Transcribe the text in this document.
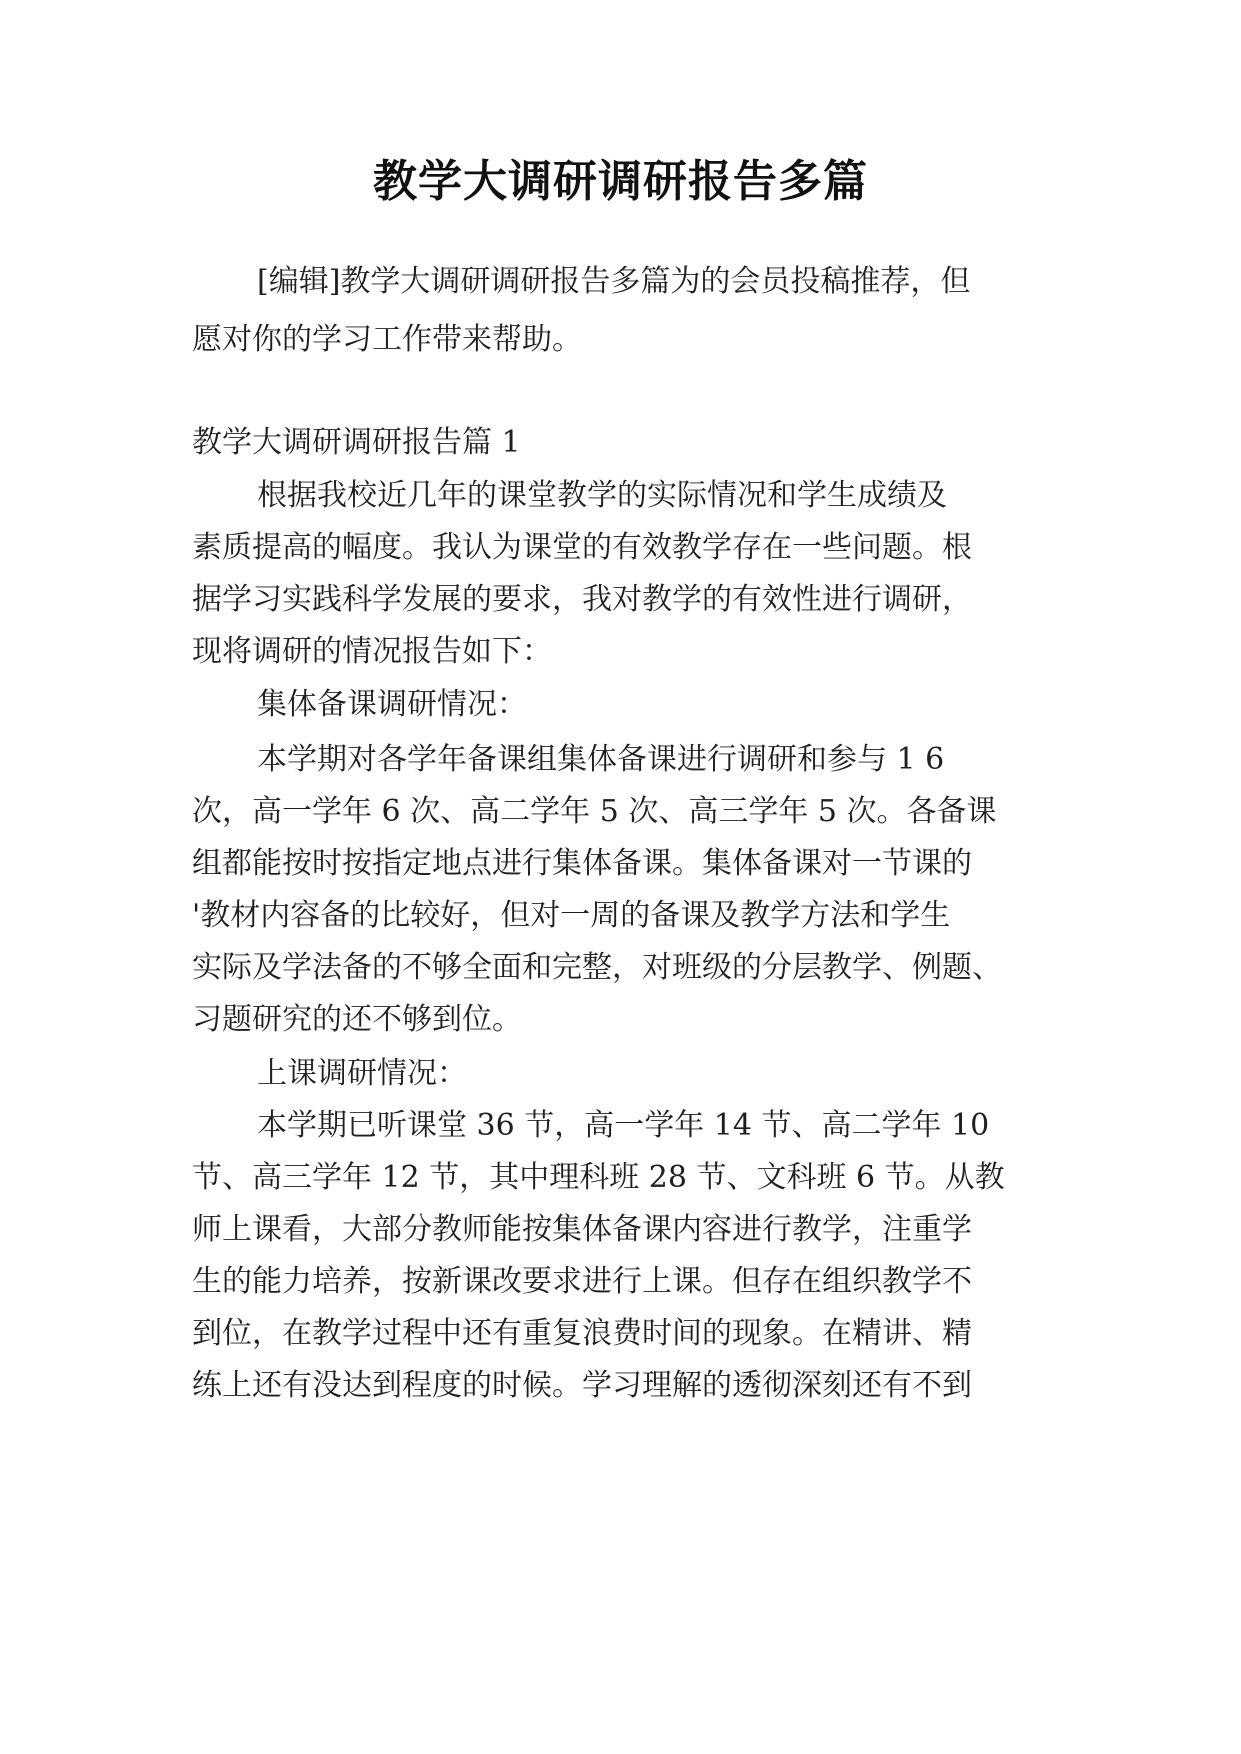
教学大调研调研报告多篇
[编辑]教学大调研调研报告多篇为的会员投稿推荐，但
愿对你的学习工作带来帮助。
教学大调研调研报告篇 1
根据我校近几年的课堂教学的实际情况和学生成绩及
素质提高的幅度。我认为课堂的有效教学存在一些问题。根
据学习实践科学发展的要求，我对教学的有效性进行调研，
现将调研的情况报告如下：
集体备课调研情况：
本学期对各学年备课组集体备课进行调研和参与 1 6
次，高一学年 6 次、高二学年 5 次、高三学年 5 次。各备课
组都能按时按指定地点进行集体备课。集体备课对一节课的
'教材内容备的比较好，但对一周的备课及教学方法和学生
实际及学法备的不够全面和完整，对班级的分层教学、例题、
习题研究的还不够到位。
上课调研情况：
本学期已听课堂 36 节，高一学年 14 节、高二学年 10
节、高三学年 12 节，其中理科班 28 节、文科班 6 节。从教
师上课看，大部分教师能按集体备课内容进行教学，注重学
生的能力培养，按新课改要求进行上课。但存在组织教学不
到位，在教学过程中还有重复浪费时间的现象。在精讲、精
练上还有没达到程度的时候。学习理解的透彻深刻还有不到
